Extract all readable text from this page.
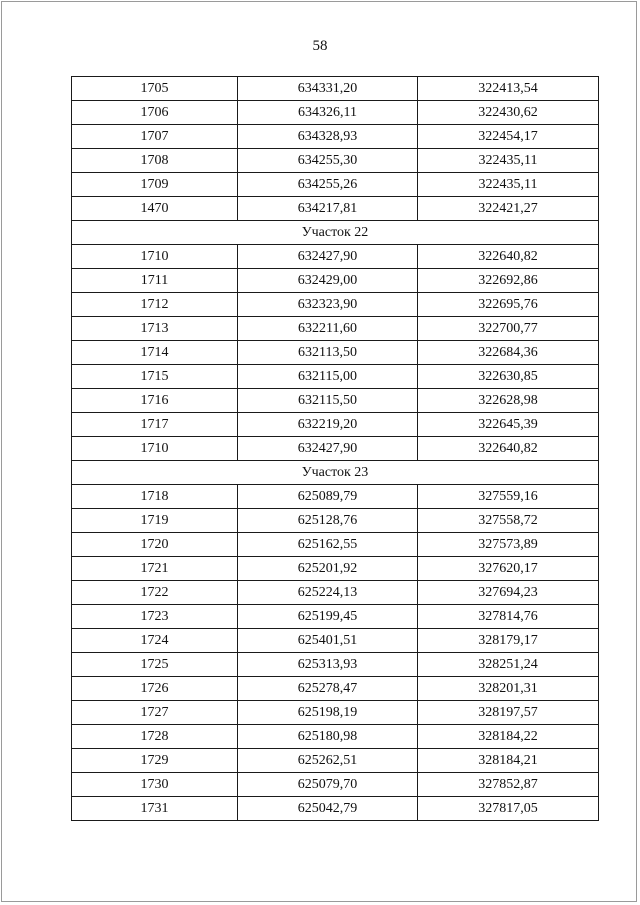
58
1705	634331,20	322413,54
1706	634326,11	322430,62
1707	634328,93	322454,17
1708	634255,30	322435,11
1709	634255,26	322435,11
1470	634217,81	322421,27
Участок 22		
1710	632427,90	322640,82
1711	632429,00	322692,86
1712	632323,90	322695,76
1713	632211,60	322700,77
1714	632113,50	322684,36
1715	632115,00	322630,85
1716	632115,50	322628,98
1717	632219,20	322645,39
1710	632427,90	322640,82
Участок 23		
1718	625089,79	327559,16
1719	625128,76	327558,72
1720	625162,55	327573,89
1721	625201,92	327620,17
1722	625224,13	327694,23
1723	625199,45	327814,76
1724	625401,51	328179,17
1725	625313,93	328251,24
1726	625278,47	328201,31
1727	625198,19	328197,57
1728	625180,98	328184,22
1729	625262,51	328184,21
1730	625079,70	327852,87
1731	625042,79	327817,05
